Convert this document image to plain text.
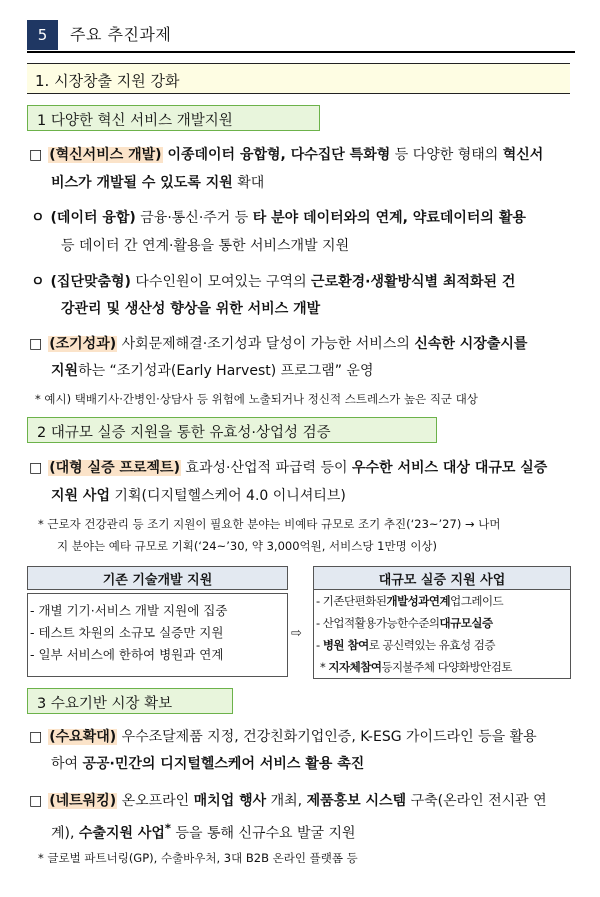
5	주요 추진과제
1. 시장창출 지원 강화
1 다양한 혁신 서비스 개발지원
□ (혁신서비스 개발) 이종데이터 융합형, 다수집단 특화형 등 다양한 형태의 혁신서
비스가 개발될 수 있도록 지원 확대
ㅇ (데이터 융합) 금융·통신·주거 등 타 분야 데이터와의 연계, 약료데이터의 활용
등 데이터 간 연계·활용을 통한 서비스개발 지원
ㅇ (집단맞춤형) 다수인원이 모여있는 구역의 근로환경·생활방식별 최적화된 건
강관리 및 생산성 향상을 위한 서비스 개발
□ (조기성과) 사회문제해결·조기성과 달성이 가능한 서비스의 신속한 시장출시를
지원하는 “조기성과(Early Harvest) 프로그램” 운영
* 예시) 택배기사·간병인·상담사 등 위험에 노출되거나 정신적 스트레스가 높은 직군 대상
2 대규모 실증 지원을 통한 유효성·상업성 검증
□ (대형 실증 프로젝트) 효과성·산업적 파급력 등이 우수한 서비스 대상 대규모 실증
지원 사업 기획(디지털헬스케어 4.0 이니셔티브)
* 근로자 건강관리 등 조기 지원이 필요한 분야는 비예타 규모로 조기 추진(‘23~’27) → 나머
지 분야는 예타 규모로 기획(‘24~’30, 약 3,000억원, 서비스당 1만명 이상)
기존 기술개발 지원
- 개별 기기·서비스 개발 지원에 집중
- 테스트 차원의 소규모 실증만 지원
- 일부 서비스에 한하여 병원과 연계
⇨
대규모 실증 지원 사업
- 기존단편화된개발성과연계업그레이드
- 산업적활용가능한수준의대규모실증
- 병원 참여로 공신력있는 유효성 검증
* 지자체참여등지불주체 다양화방안검토
3 수요기반 시장 확보
□ (수요확대) 우수조달제품 지정, 건강친화기업인증, K-ESG 가이드라인 등을 활용
하여 공공·민간의 디지털헬스케어 서비스 활용 촉진
□ (네트워킹) 온오프라인 매치업 행사 개최, 제품홍보 시스템 구축(온라인 전시관 연
계), 수출지원 사업* 등을 통해 신규수요 발굴 지원
* 글로벌 파트너링(GP), 수출바우처, 3대 B2B 온라인 플랫폼 등
